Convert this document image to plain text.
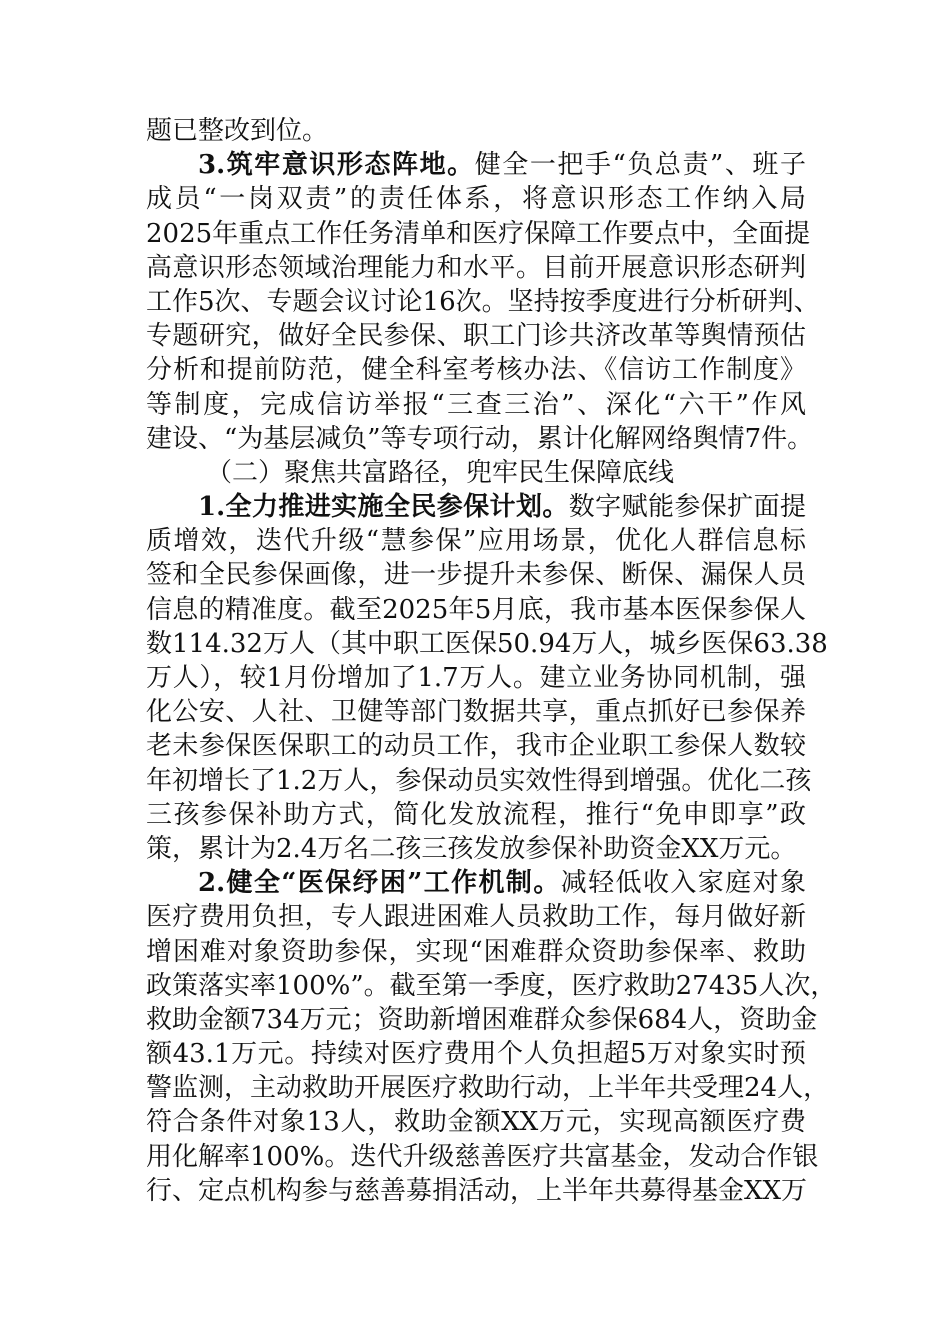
题已整改到位。
3.筑牢意识形态阵地。健全一把手“负总责”、班子
成员“一岗双责”的责任体系，将意识形态工作纳入局
2025年重点工作任务清单和医疗保障工作要点中，全面提
高意识形态领域治理能力和水平。目前开展意识形态研判
工作5次、专题会议讨论16次。坚持按季度进行分析研判、
专题研究，做好全民参保、职工门诊共济改革等舆情预估
分析和提前防范，健全科室考核办法、《信访工作制度》
等制度，完成信访举报“三查三治”、深化“六干”作风
建设、“为基层减负”等专项行动，累计化解网络舆情7件。
（二）聚焦共富路径，兜牢民生保障底线
1.全力推进实施全民参保计划。数字赋能参保扩面提
质增效，迭代升级“慧参保”应用场景，优化人群信息标
签和全民参保画像，进一步提升未参保、断保、漏保人员
信息的精准度。截至2025年5月底，我市基本医保参保人
数114.32万人（其中职工医保50.94万人，城乡医保63.38
万人），较1月份增加了1.7万人。建立业务协同机制，强
化公安、人社、卫健等部门数据共享，重点抓好已参保养
老未参保医保职工的动员工作，我市企业职工参保人数较
年初增长了1.2万人，参保动员实效性得到增强。优化二孩
三孩参保补助方式，简化发放流程，推行“免申即享”政
策，累计为2.4万名二孩三孩发放参保补助资金XX万元。
2.健全“医保纾困”工作机制。减轻低收入家庭对象
医疗费用负担，专人跟进困难人员救助工作，每月做好新
增困难对象资助参保，实现“困难群众资助参保率、救助
政策落实率100%”。截至第一季度，医疗救助27435人次，
救助金额734万元；资助新增困难群众参保684人，资助金
额43.1万元。持续对医疗费用个人负担超5万对象实时预
警监测，主动救助开展医疗救助行动，上半年共受理24人，
符合条件对象13人，救助金额XX万元，实现高额医疗费
用化解率100%。迭代升级慈善医疗共富基金，发动合作银
行、定点机构参与慈善募捐活动，上半年共募得基金XX万
